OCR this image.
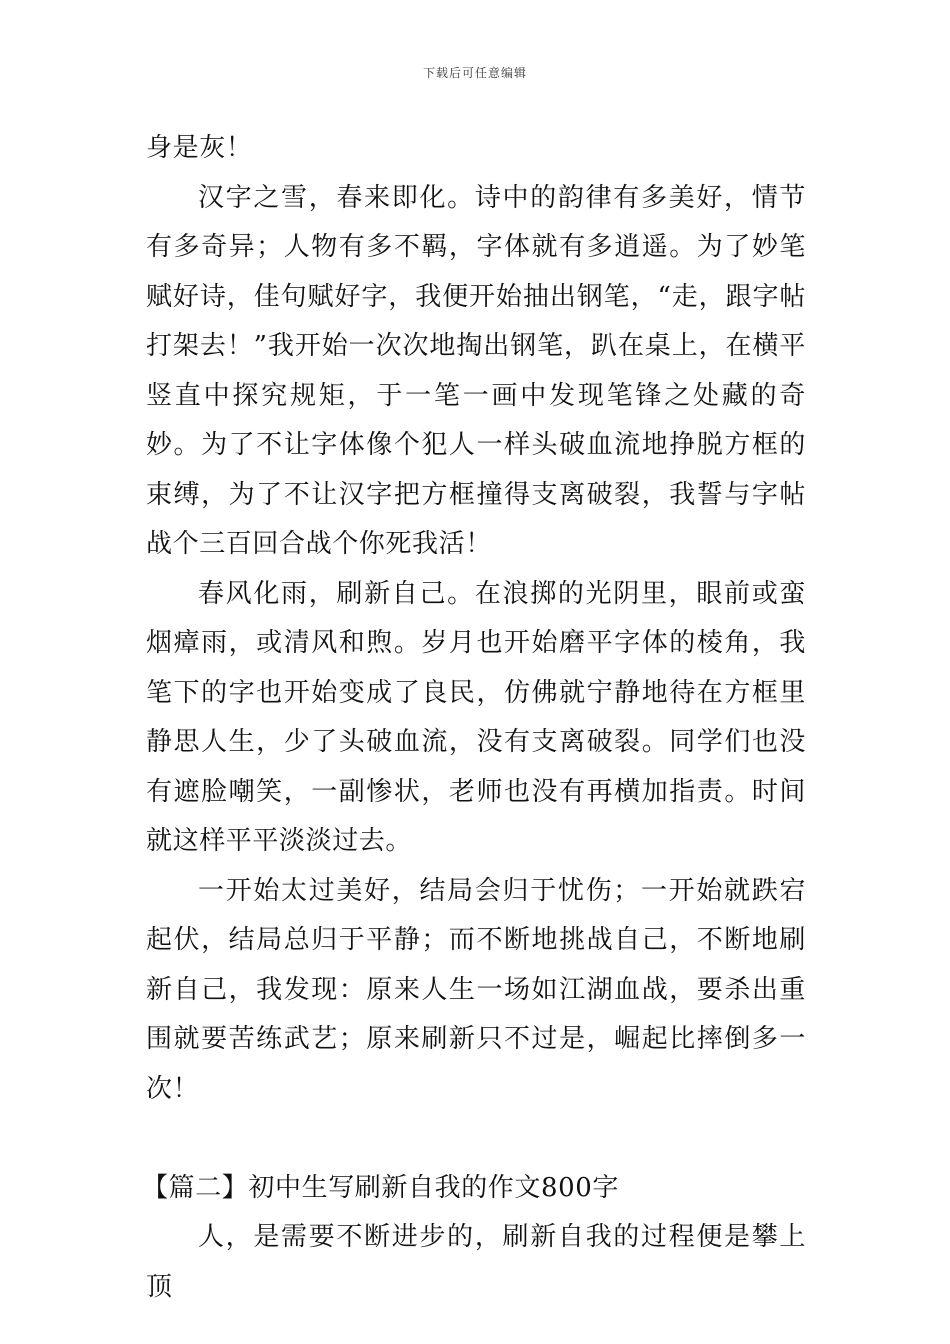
下载后可任意编辑

身是灰！

汉字之雪，春来即化。诗中的韵律有多美好，情节有多奇异；人物有多不羁，字体就有多逍遥。为了妙笔赋好诗，佳句赋好字，我便开始抽出钢笔，“走，跟字帖打架去！”我开始一次次地掏出钢笔，趴在桌上，在横平竖直中探究规矩，于一笔一画中发现笔锋之处藏的奇妙。为了不让字体像个犯人一样头破血流地挣脱方框的束缚，为了不让汉字把方框撞得支离破裂，我誓与字帖战个三百回合战个你死我活！

春风化雨，刷新自己。在浪掷的光阴里，眼前或蛮烟瘴雨，或清风和煦。岁月也开始磨平字体的棱角，我笔下的字也开始变成了良民，仿佛就宁静地待在方框里静思人生，少了头破血流，没有支离破裂。同学们也没有遮脸嘲笑，一副惨状，老师也没有再横加指责。时间就这样平平淡淡过去。

一开始太过美好，结局会归于忧伤；一开始就跌宕起伏，结局总归于平静；而不断地挑战自己，不断地刷新自己，我发现：原来人生一场如江湖血战，要杀出重围就要苦练武艺；原来刷新只不过是，崛起比摔倒多一次！

【篇二】初中生写刷新自我的作文800字

人，是需要不断进步的，刷新自我的过程便是攀上顶
